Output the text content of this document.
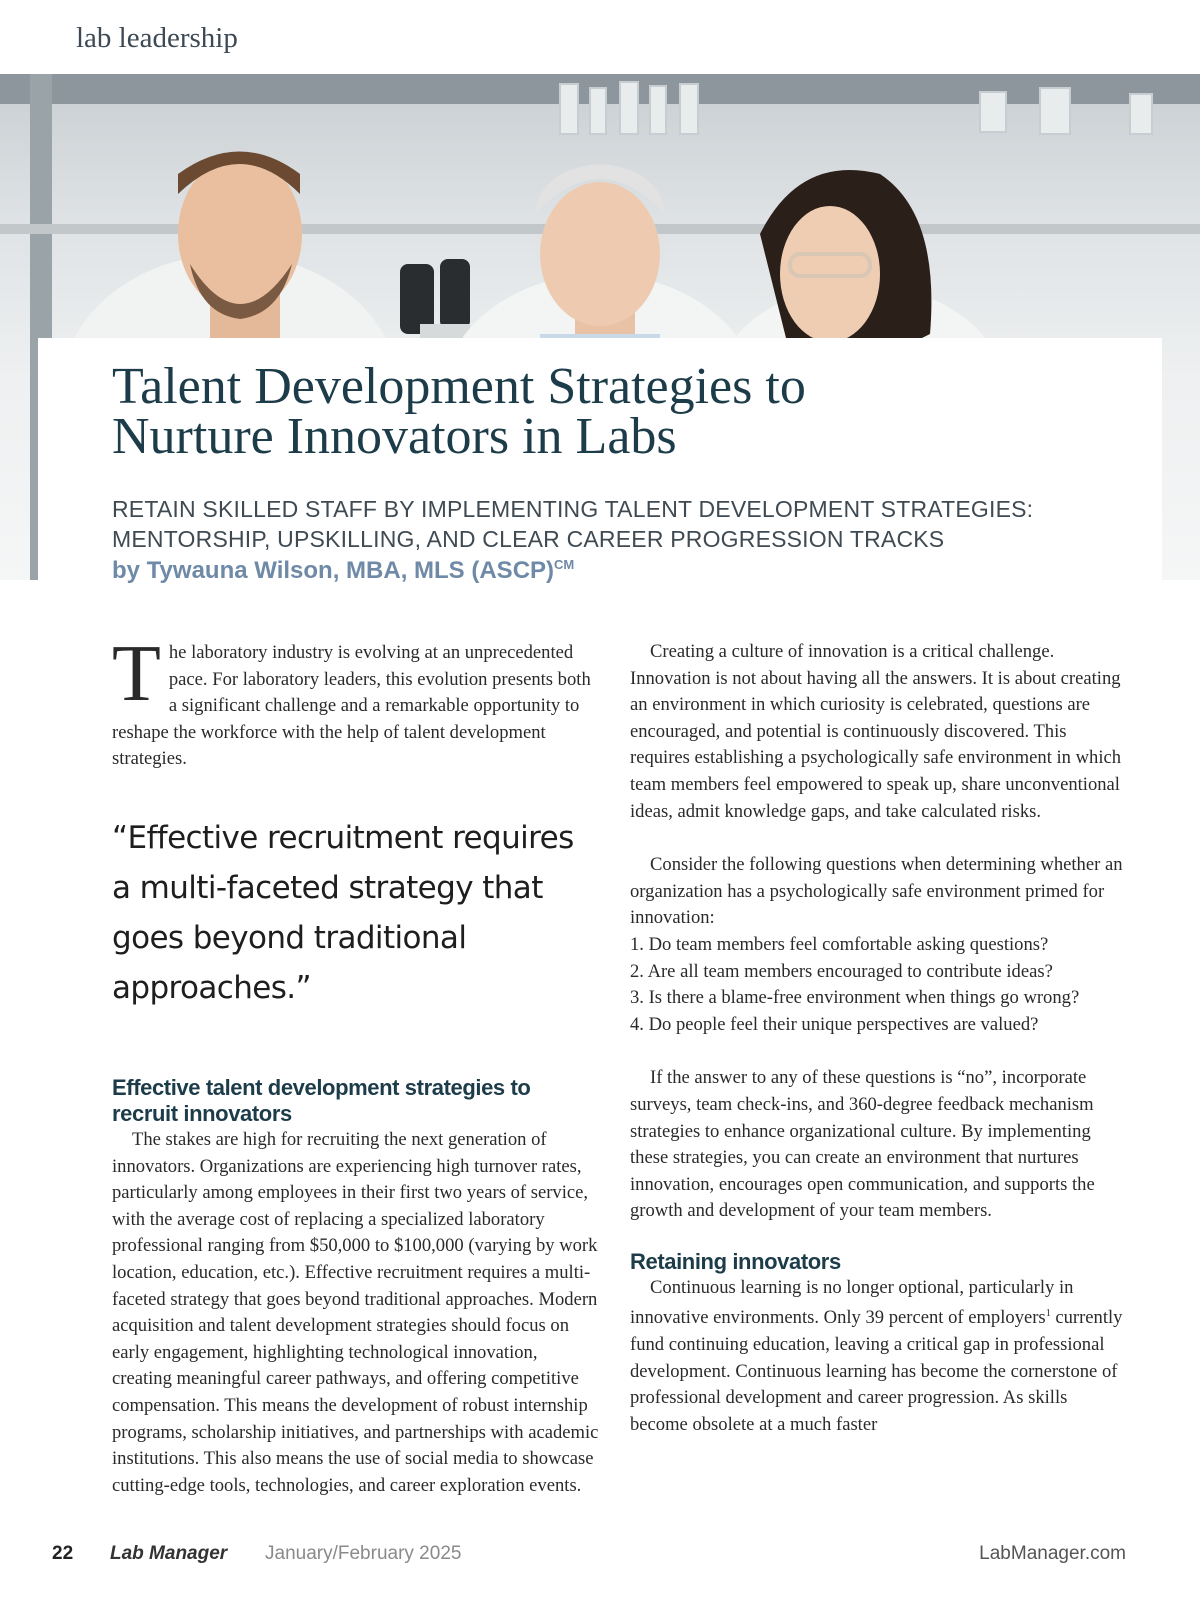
lab leadership
Talent Development Strategies to
Nurture Innovators in Labs
RETAIN SKILLED STAFF BY IMPLEMENTING TALENT DEVELOPMENT STRATEGIES:
MENTORSHIP, UPSKILLING, AND CLEAR CAREER PROGRESSION TRACKS
by Tywauna Wilson, MBA, MLS (ASCP)$^{CM}$

The laboratory industry is evolving at an unprecedented pace. For laboratory leaders, this evolution presents both a significant challenge and a remarkable opportunity to reshape the workforce with the help of talent development strategies.

“Effective recruitment requires a multi-faceted strategy that goes beyond traditional approaches.”

Effective talent development strategies to recruit innovators

The stakes are high for recruiting the next generation of innovators. Organizations are experiencing high turnover rates, particularly among employees in their first two years of service, with the average cost of replacing a specialized laboratory professional ranging from $50,000 to $100,000 (varying by work location, education, etc.). Effective recruitment requires a multi-faceted strategy that goes beyond traditional approaches. Modern acquisition and talent development strategies should focus on early engagement, highlighting technological innovation, creating meaningful career pathways, and offering competitive compensation. This means the development of robust internship programs, scholarship initiatives, and partnerships with academic institutions. This also means the use of social media to showcase cutting-edge tools, technologies, and career exploration events.

Creating a culture of innovation is a critical challenge. Innovation is not about having all the answers. It is about creating an environment in which curiosity is celebrated, questions are encouraged, and potential is continuously discovered. This requires establishing a psychologically safe environment in which team members feel empowered to speak up, share unconventional ideas, admit knowledge gaps, and take calculated risks.

Consider the following questions when determining whether an organization has a psychologically safe environment primed for innovation:

1. Do team members feel comfortable asking questions?
2. Are all team members encouraged to contribute ideas?
3. Is there a blame-free environment when things go wrong?
4. Do people feel their unique perspectives are valued?

If the answer to any of these questions is “no”, incorporate surveys, team check-ins, and 360-degree feedback mechanism strategies to enhance organizational culture. By implementing these strategies, you can create an environment that nurtures innovation, encourages open communication, and supports the growth and development of your team members.

Retaining innovators

Continuous learning is no longer optional, particularly in innovative environments. Only 39 percent of employers$^1$ currently fund continuing education, leaving a critical gap in professional development. Continuous learning has become the cornerstone of professional development and career progression. As skills become obsolete at a much faster

22 Lab Manager January/February 2025	LabManager.com
